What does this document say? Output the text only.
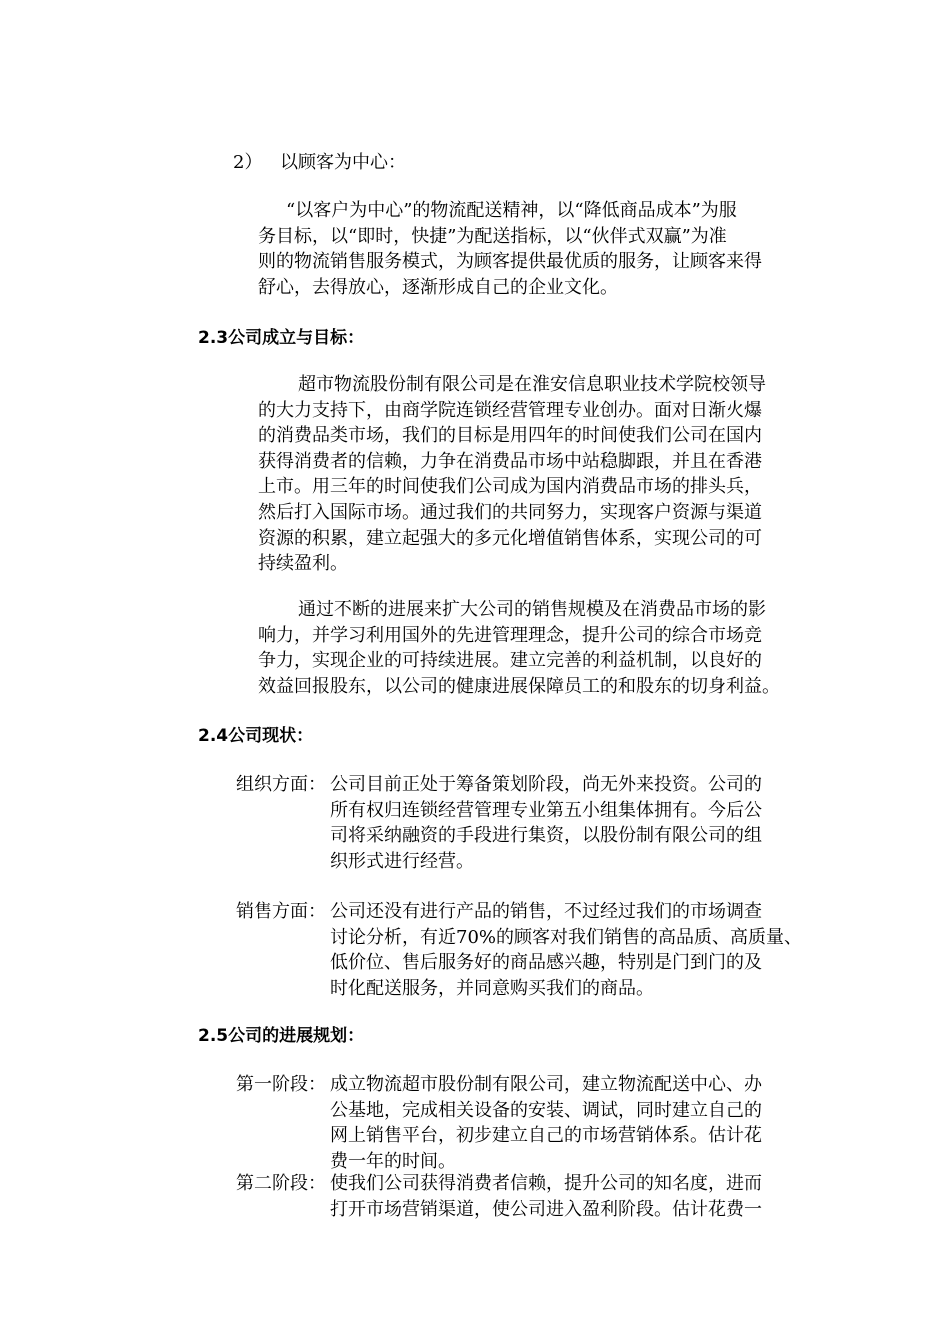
2） 以顾客为中心：
“以客户为中心”的物流配送精神，以“降低商品成本”为服
务目标，以“即时，快捷”为配送指标，以“伙伴式双赢”为准
则的物流销售服务模式，为顾客提供最优质的服务，让顾客来得
舒心，去得放心，逐渐形成自己的企业文化。
2.3公司成立与目标：
超市物流股份制有限公司是在淮安信息职业技术学院校领导
的大力支持下，由商学院连锁经营管理专业创办。面对日渐火爆
的消费品类市场，我们的目标是用四年的时间使我们公司在国内
获得消费者的信赖，力争在消费品市场中站稳脚跟，并且在香港
上市。用三年的时间使我们公司成为国内消费品市场的排头兵，
然后打入国际市场。通过我们的共同努力，实现客户资源与渠道
资源的积累，建立起强大的多元化增值销售体系，实现公司的可
持续盈利。
通过不断的进展来扩大公司的销售规模及在消费品市场的影
响力，并学习利用国外的先进管理理念，提升公司的综合市场竞
争力，实现企业的可持续进展。建立完善的利益机制，以良好的
效益回报股东，以公司的健康进展保障员工的和股东的切身利益。
2.4公司现状：
组织方面： 公司目前正处于筹备策划阶段，尚无外来投资。公司的
所有权归连锁经营管理专业第五小组集体拥有。今后公
司将采纳融资的手段进行集资，以股份制有限公司的组
织形式进行经营。
销售方面： 公司还没有进行产品的销售，不过经过我们的市场调查
讨论分析，有近70%的顾客对我们销售的高品质、高质量、
低价位、售后服务好的商品感兴趣，特别是门到门的及
时化配送服务，并同意购买我们的商品。
2.5公司的进展规划：
第一阶段： 成立物流超市股份制有限公司，建立物流配送中心、办
公基地，完成相关设备的安装、调试，同时建立自己的
网上销售平台，初步建立自己的市场营销体系。估计花
费一年的时间。
第二阶段： 使我们公司获得消费者信赖，提升公司的知名度，进而
打开市场营销渠道，使公司进入盈利阶段。估计花费一
